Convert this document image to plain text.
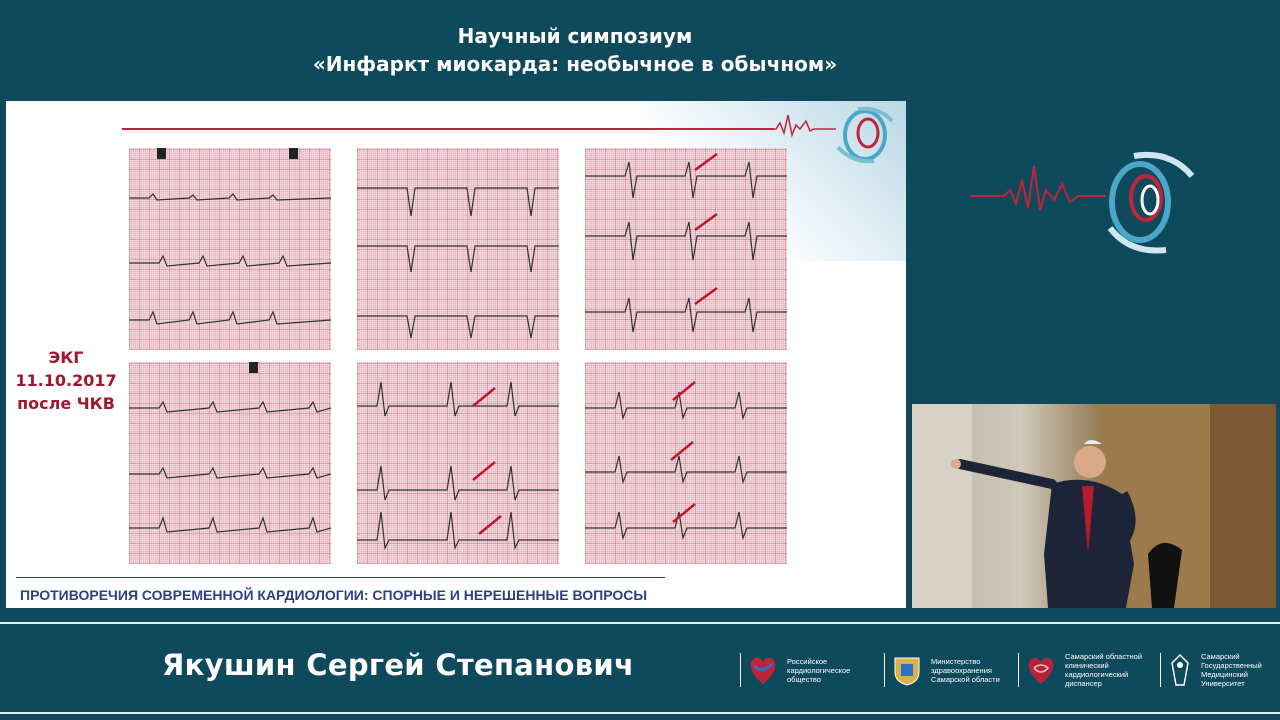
Научный симпозиум
«Инфаркт миокарда: необычное в обычном»
ЭКГ
11.10.2017
после ЧКВ
ПРОТИВОРЕЧИЯ СОВРЕМЕННОЙ КАРДИОЛОГИИ: СПОРНЫЕ И НЕРЕШЕННЫЕ ВОПРОСЫ
Якушин Сергей Степанович	Российское
кардиологическое
общество
Министерство
здравоохранения
Самарской области
Самарский областной
клинический
кардиологический
диспансер
Самарский
Государственный
Медицинский
Университет
